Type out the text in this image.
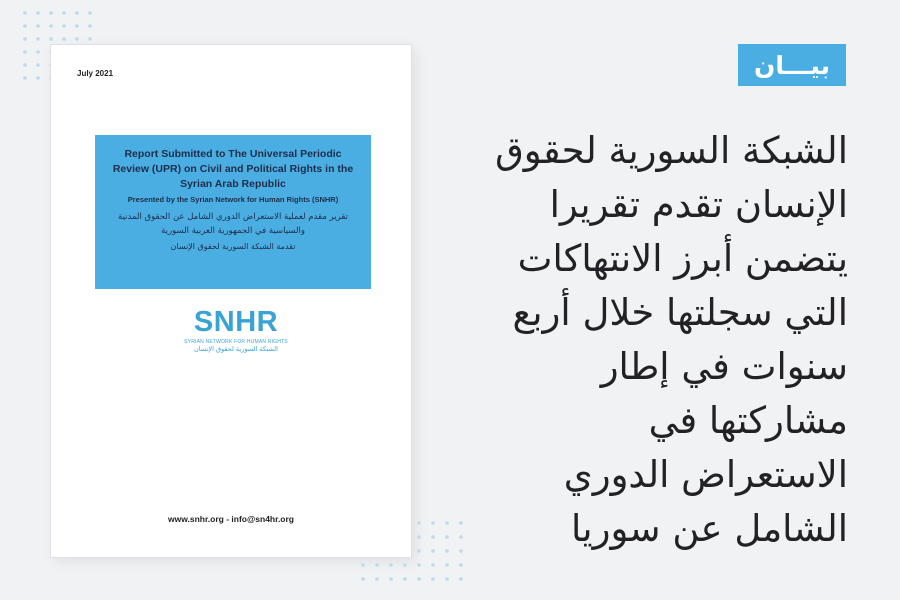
July 2021
Report Submitted to The Universal Periodic Review (UPR) on Civil and Political Rights in the Syrian Arab Republic
Presented by the Syrian Network for Human Rights (SNHR)
تقرير مقدم لعملية الاستعراض الدوري الشامل عن الحقوق المدنية والسياسية في الجمهورية العربية السورية
تقدمة الشبكة السورية لحقوق الإنسان
SNHR
SYRIAN NETWORK FOR HUMAN RIGHTS
الشبكة السورية لحقوق الإنسان
www.snhr.org - info@sn4hr.org
بيـــان
الشبكة السورية لحقوق
الإنسان تقدم تقريرا
يتضمن أبرز الانتهاكات
التي سجلتها خلال أربع
سنوات في إطار
مشاركتها في
الاستعراض الدوري
الشامل عن سوريا
